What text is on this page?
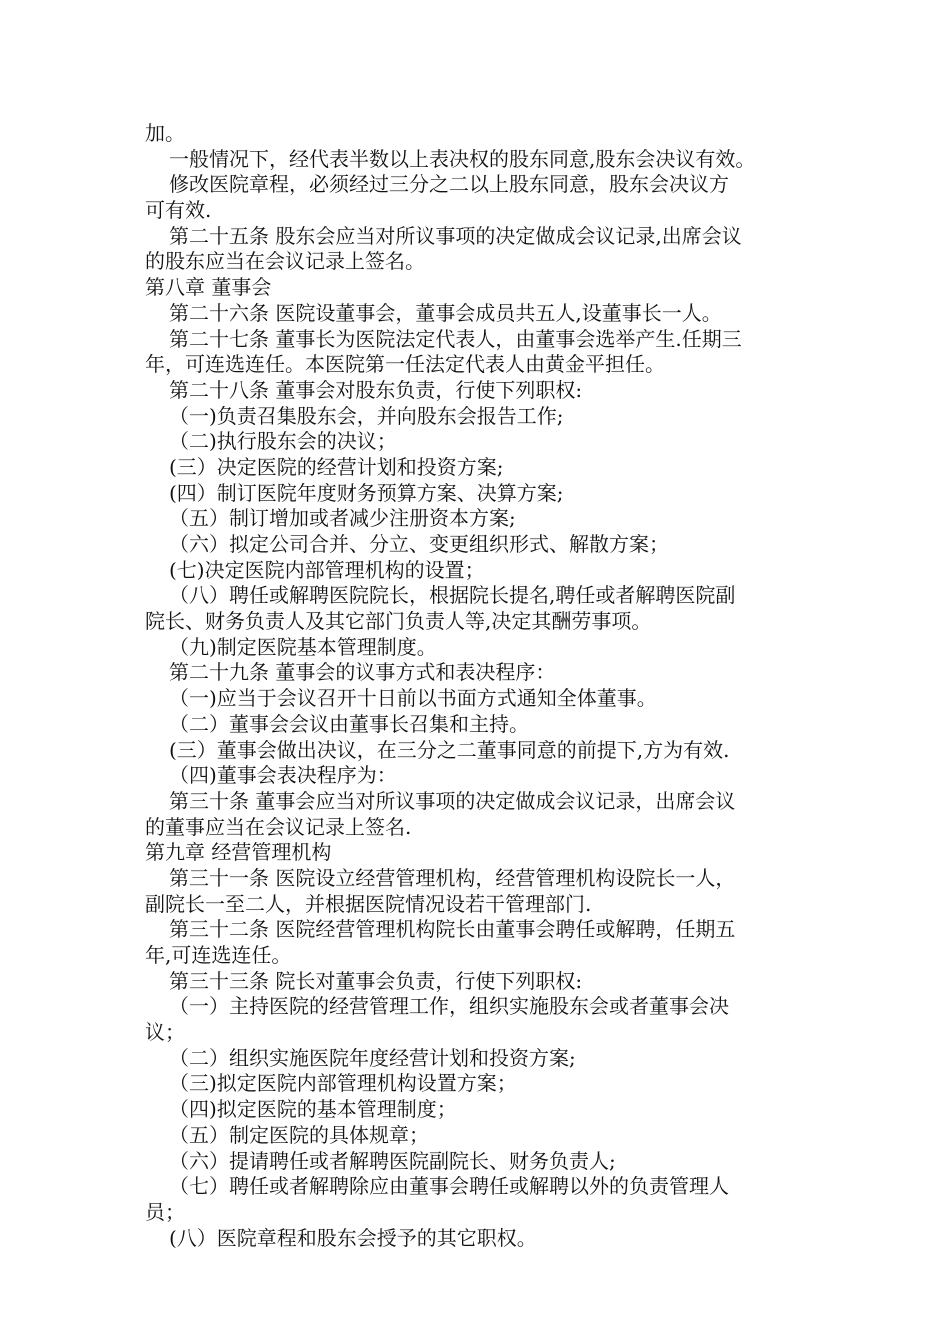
加。
一般情况下，经代表半数以上表决权的股东同意,股东会决议有效。
修改医院章程，必须经过三分之二以上股东同意，股东会决议方
可有效.
第二十五条 股东会应当对所议事项的决定做成会议记录,出席会议
的股东应当在会议记录上签名。
第八章 董事会
第二十六条 医院设董事会，董事会成员共五人,设董事长一人。
第二十七条 董事长为医院法定代表人，由董事会选举产生.任期三
年，可连选连任。本医院第一任法定代表人由黄金平担任。
第二十八条 董事会对股东负责，行使下列职权:
（一)负责召集股东会，并向股东会报告工作;
（二)执行股东会的决议；
(三）决定医院的经营计划和投资方案;
(四）制订医院年度财务预算方案、决算方案;
（五）制订增加或者减少注册资本方案;
（六）拟定公司合并、分立、变更组织形式、解散方案；
(七)决定医院内部管理机构的设置；
（八）聘任或解聘医院院长，根据院长提名,聘任或者解聘医院副
院长、财务负责人及其它部门负责人等,决定其酬劳事项。
（九)制定医院基本管理制度。
第二十九条 董事会的议事方式和表决程序：
（一)应当于会议召开十日前以书面方式通知全体董事。
（二）董事会会议由董事长召集和主持。
(三）董事会做出决议，在三分之二董事同意的前提下,方为有效.
（四)董事会表决程序为：
第三十条 董事会应当对所议事项的决定做成会议记录，出席会议
的董事应当在会议记录上签名.
第九章 经营管理机构
第三十一条 医院设立经营管理机构，经营管理机构设院长一人，
副院长一至二人，并根据医院情况设若干管理部门.
第三十二条 医院经营管理机构院长由董事会聘任或解聘，任期五
年,可连选连任。
第三十三条 院长对董事会负责，行使下列职权:
（一）主持医院的经营管理工作，组织实施股东会或者董事会决
议；
（二）组织实施医院年度经营计划和投资方案;
（三)拟定医院内部管理机构设置方案；
（四)拟定医院的基本管理制度；
（五）制定医院的具体规章；
（六）提请聘任或者解聘医院副院长、财务负责人;
（七）聘任或者解聘除应由董事会聘任或解聘以外的负责管理人
员；
(八）医院章程和股东会授予的其它职权。
